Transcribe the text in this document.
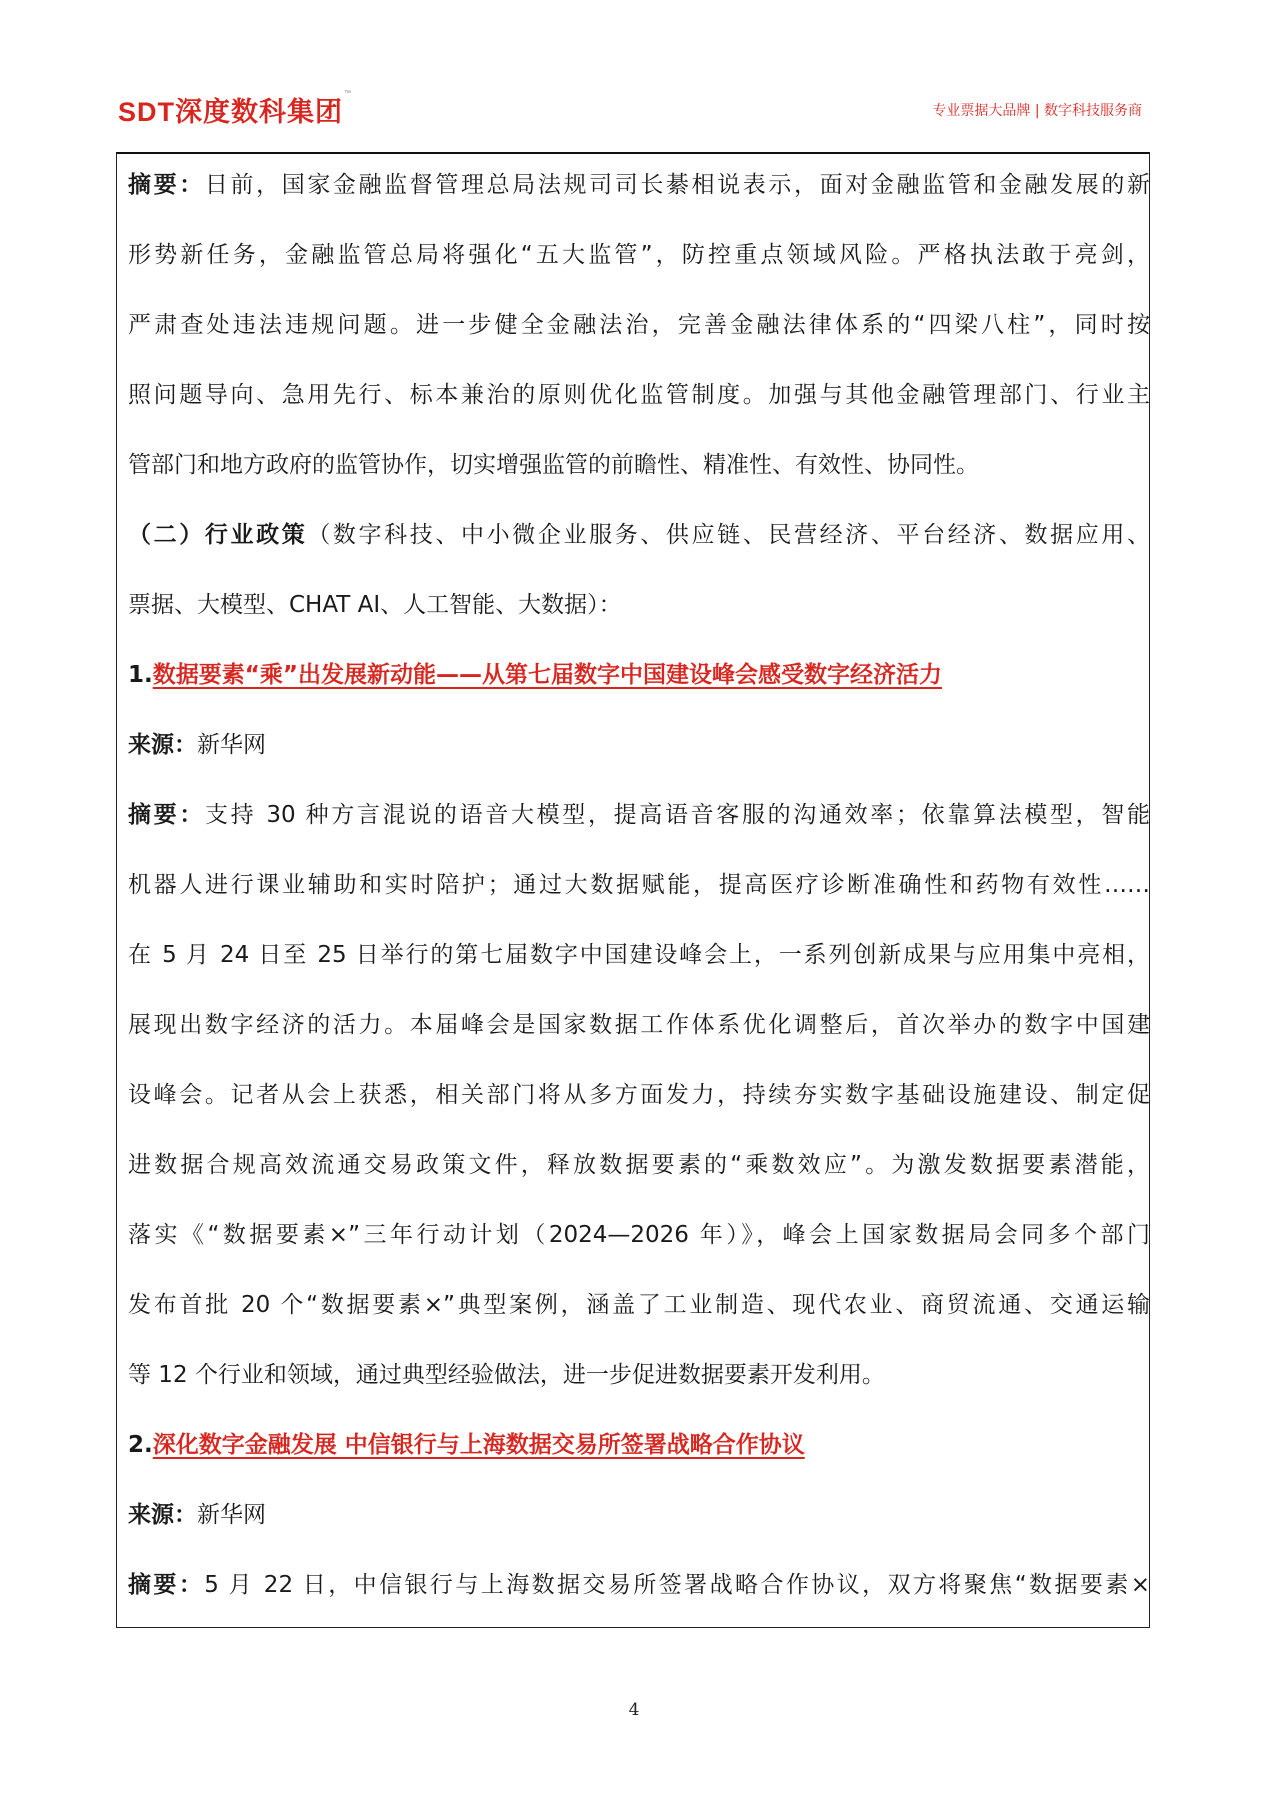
SDT深度数科集团™
专业票据大品牌 | 数字科技服务商
摘要：日前，国家金融监督管理总局法规司司长綦相说表示，面对金融监管和金融发展的新
形势新任务，金融监管总局将强化“五大监管”，防控重点领域风险。严格执法敢于亮剑，
严肃查处违法违规问题。进一步健全金融法治，完善金融法律体系的“四梁八柱”，同时按
照问题导向、急用先行、标本兼治的原则优化监管制度。加强与其他金融管理部门、行业主
管部门和地方政府的监管协作，切实增强监管的前瞻性、精准性、有效性、协同性。
（二）行业政策（数字科技、中小微企业服务、供应链、民营经济、平台经济、数据应用、
票据、大模型、CHAT AI、人工智能、大数据）：
1.数据要素“乘”出发展新动能——从第七届数字中国建设峰会感受数字经济活力
来源：新华网
摘要：支持 30 种方言混说的语音大模型，提高语音客服的沟通效率；依靠算法模型，智能
机器人进行课业辅助和实时陪护；通过大数据赋能，提高医疗诊断准确性和药物有效性……
在 5 月 24 日至 25 日举行的第七届数字中国建设峰会上，一系列创新成果与应用集中亮相，
展现出数字经济的活力。本届峰会是国家数据工作体系优化调整后，首次举办的数字中国建
设峰会。记者从会上获悉，相关部门将从多方面发力，持续夯实数字基础设施建设、制定促
进数据合规高效流通交易政策文件，释放数据要素的“乘数效应”。为激发数据要素潜能，
落实《“数据要素×”三年行动计划（2024—2026 年）》，峰会上国家数据局会同多个部门
发布首批 20 个“数据要素×”典型案例，涵盖了工业制造、现代农业、商贸流通、交通运输
等 12 个行业和领域，通过典型经验做法，进一步促进数据要素开发利用。
2.深化数字金融发展 中信银行与上海数据交易所签署战略合作协议
来源：新华网
摘要：5 月 22 日，中信银行与上海数据交易所签署战略合作协议，双方将聚焦“数据要素×
4
